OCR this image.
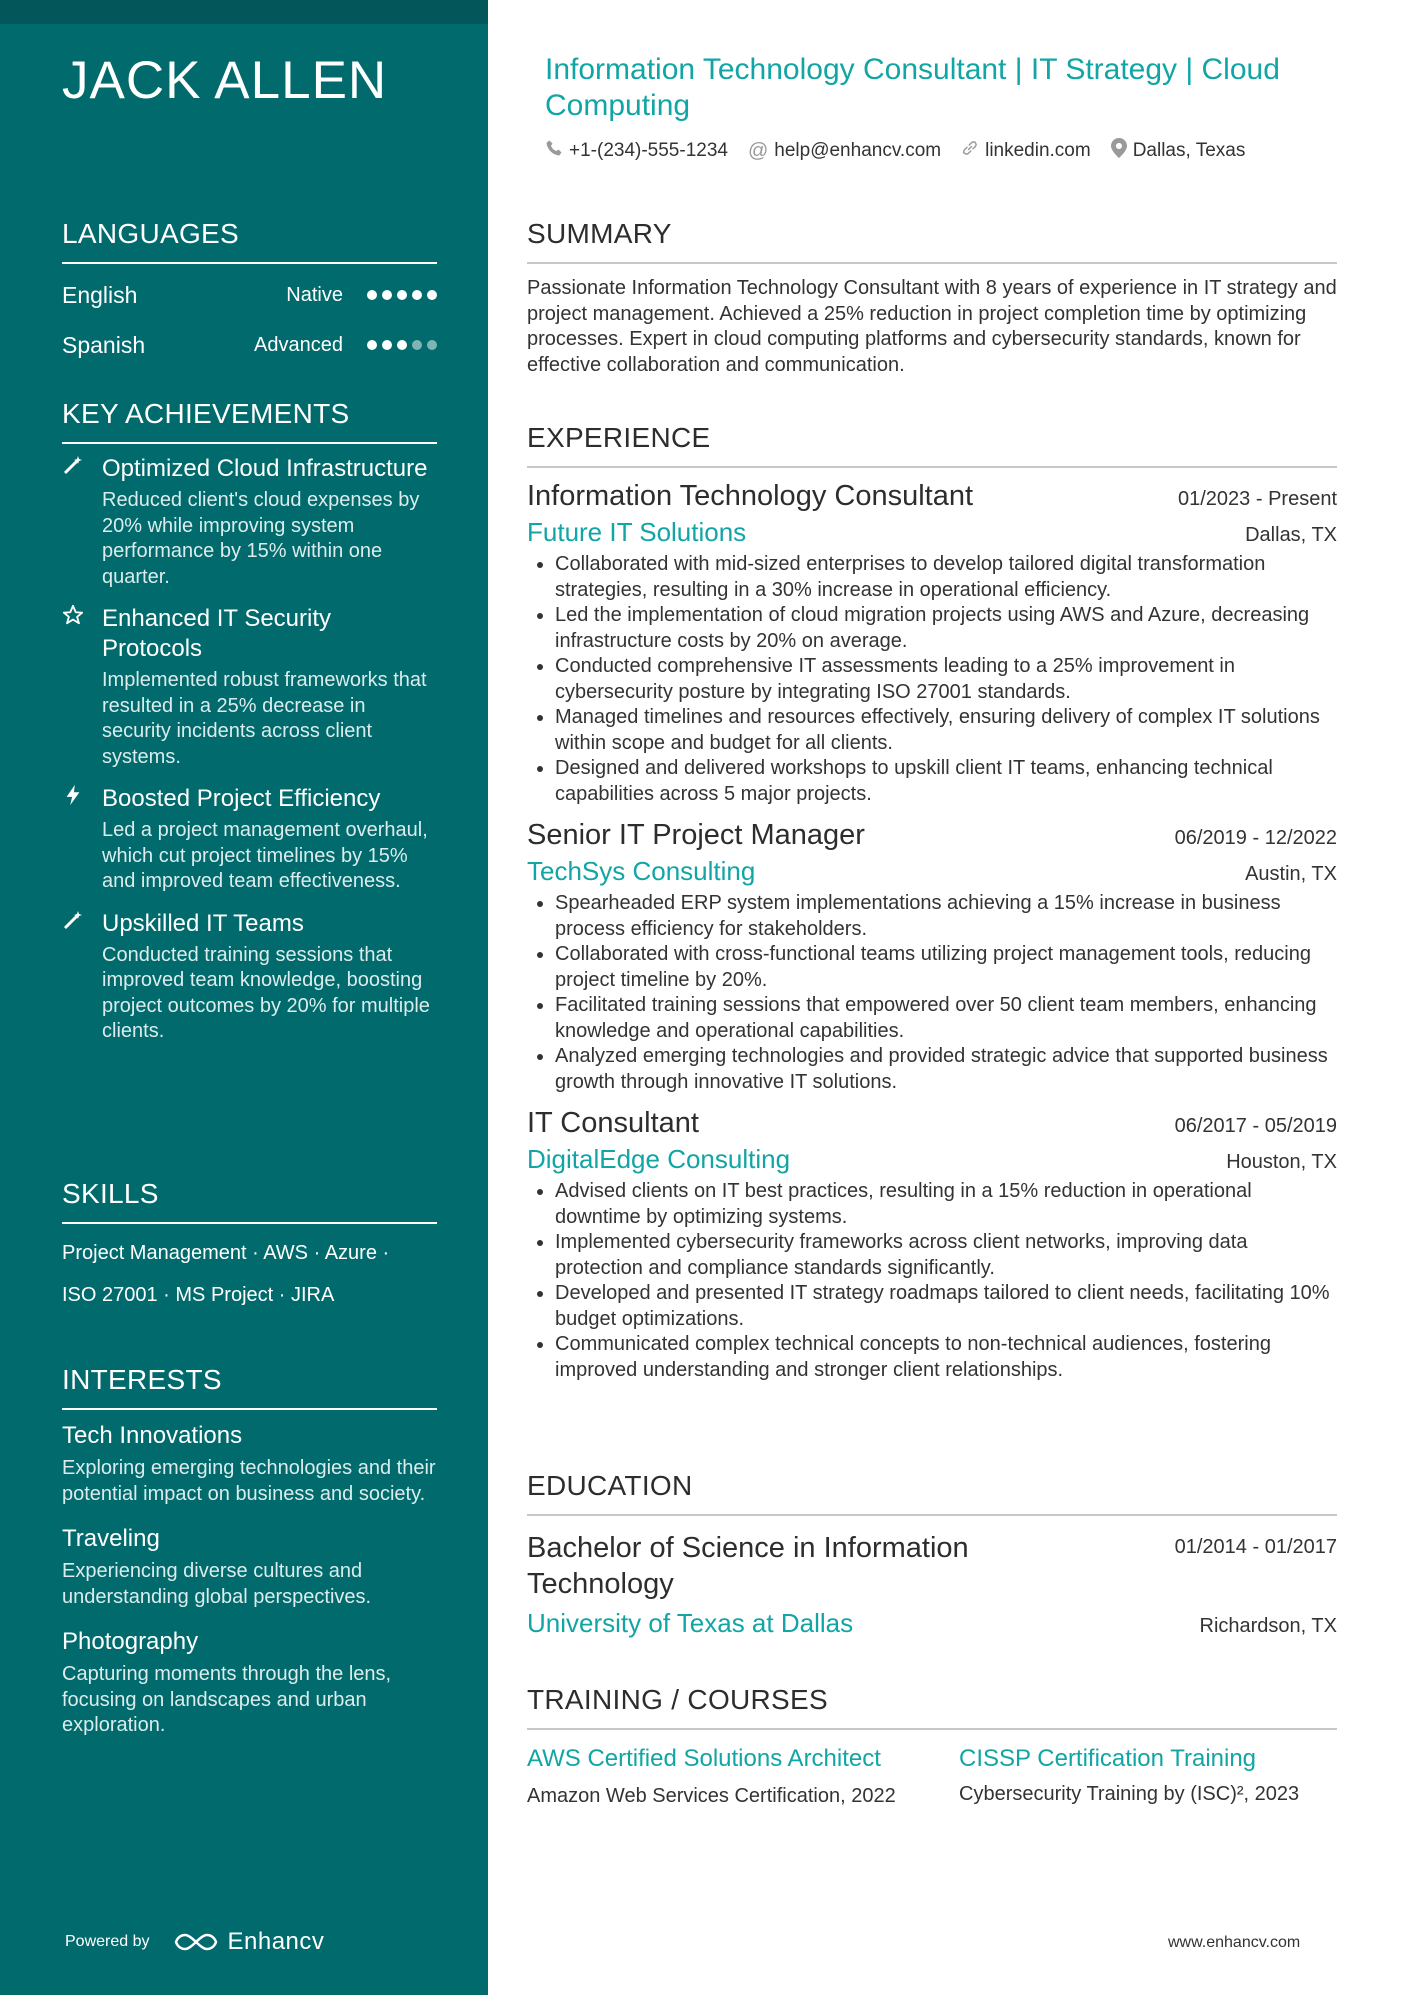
JACK ALLEN
LANGUAGES
English	Native
Spanish	Advanced
KEY ACHIEVEMENTS
Optimized Cloud Infrastructure
Reduced client's cloud expenses by 20% while improving system performance by 15% within one quarter.
Enhanced IT Security Protocols
Implemented robust frameworks that resulted in a 25% decrease in security incidents across client systems.
Boosted Project Efficiency
Led a project management overhaul, which cut project timelines by 15% and improved team effectiveness.
Upskilled IT Teams
Conducted training sessions that improved team knowledge, boosting project outcomes by 20% for multiple clients.
SKILLS
Project Management · AWS · Azure ·
ISO 27001 · MS Project · JIRA
INTERESTS
Tech Innovations
Exploring emerging technologies and their potential impact on business and society.
Traveling
Experiencing diverse cultures and understanding global perspectives.
Photography
Capturing moments through the lens, focusing on landscapes and urban exploration.
Powered by	Enhancv
Information Technology Consultant | IT Strategy | Cloud Computing
+1-(234)-555-1234 @ help@enhancv.com linkedin.com Dallas, Texas
SUMMARY
Passionate Information Technology Consultant with 8 years of experience in IT strategy and project management. Achieved a 25% reduction in project completion time by optimizing processes. Expert in cloud computing platforms and cybersecurity standards, known for effective collaboration and communication.
EXPERIENCE
Information Technology Consultant	01/2023 - Present
Future IT Solutions	Dallas, TX
• Collaborated with mid-sized enterprises to develop tailored digital transformation strategies, resulting in a 30% increase in operational efficiency.
• Led the implementation of cloud migration projects using AWS and Azure, decreasing infrastructure costs by 20% on average.
• Conducted comprehensive IT assessments leading to a 25% improvement in cybersecurity posture by integrating ISO 27001 standards.
• Managed timelines and resources effectively, ensuring delivery of complex IT solutions within scope and budget for all clients.
• Designed and delivered workshops to upskill client IT teams, enhancing technical capabilities across 5 major projects.
Senior IT Project Manager	06/2019 - 12/2022
TechSys Consulting	Austin, TX
• Spearheaded ERP system implementations achieving a 15% increase in business process efficiency for stakeholders.
• Collaborated with cross-functional teams utilizing project management tools, reducing project timeline by 20%.
• Facilitated training sessions that empowered over 50 client team members, enhancing knowledge and operational capabilities.
• Analyzed emerging technologies and provided strategic advice that supported business growth through innovative IT solutions.
IT Consultant	06/2017 - 05/2019
DigitalEdge Consulting	Houston, TX
• Advised clients on IT best practices, resulting in a 15% reduction in operational downtime by optimizing systems.
• Implemented cybersecurity frameworks across client networks, improving data protection and compliance standards significantly.
• Developed and presented IT strategy roadmaps tailored to client needs, facilitating 10% budget optimizations.
• Communicated complex technical concepts to non-technical audiences, fostering improved understanding and stronger client relationships.
EDUCATION
Bachelor of Science in Information Technology
01/2014 - 01/2017
University of Texas at Dallas	Richardson, TX
TRAINING / COURSES
AWS Certified Solutions Architect
Amazon Web Services Certification, 2022
CISSP Certification Training
Cybersecurity Training by (ISC)², 2023
www.enhancv.com
